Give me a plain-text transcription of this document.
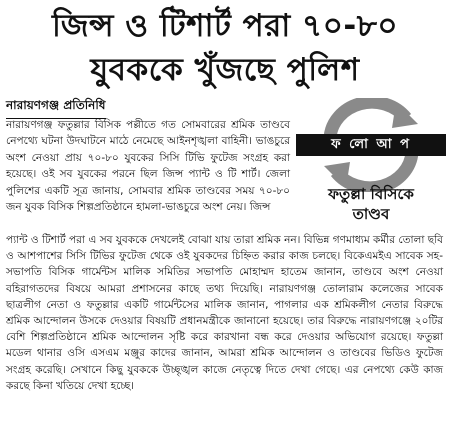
জিন্স ও টিশার্ট পরা ৭০-৮০
যুবককে খুঁজছে পুলিশ
নারায়ণগঞ্জ প্রতিনিধি

নারায়ণগঞ্জ ফতুল্লার বিসিক পল্লীতে গত সোমবারের শ্রমিক তাণ্ডবে নেপথ্যে ঘটনা উদঘাটনে মাঠে নেমেছে আইনশৃঙ্খলা বাহিনী। ভাঙচুরে অংশ নেওয়া প্রায় ৭০-৮০ যুবকের সিসি টিভি ফুটেজ সংগ্রহ করা হয়েছে। ওই সব যুবকের পরনে ছিল জিন্স প্যান্ট ও টি শার্ট। জেলা পুলিশের একটি সূত্র জানায়, সোমবার শ্রমিক তাণ্ডবের সময় ৭০-৮০ জন যুবক বিসিক শিল্পপ্রতিষ্ঠানে হামলা-ভাঙচুরে অংশ নেয়। জিন্স

ফ লো আ প
ফতুল্লা বিসিকে
তাণ্ডব

প্যান্ট ও টিশার্ট পরা এ সব যুবককে দেখলেই বোঝা যায় তারা শ্রমিক নন। বিভিন্ন গণমাধ্যম কর্মীর তোলা ছবি ও আশপাশের সিসি টিভির ফুটেজ থেকে ওই যুবকদের চিহ্নিত করার কাজ চলছে। বিকেএমইএ সাবেক সহ-সভাপতি বিসিক গার্মেন্টস মালিক সমিতির সভাপতি মোহাম্মদ হাতেম জানান, তাণ্ডবে অংশ নেওয়া বহিরাগতদের বিষয়ে আমরা প্রশাসনের কাছে তথ্য দিয়েছি। নারায়ণগঞ্জ তোলারাম কলেজের সাবেক ছাত্রলীগ নেতা ও ফতুল্লার একটি গার্মেন্টসের মালিক জানান, পাগলার এক শ্রমিকলীগ নেতার বিরুদ্ধে শ্রমিক আন্দোলন উসকে দেওয়ার বিষয়টি প্রধানমন্ত্রীকে জানানো হয়েছে। তার বিরুদ্ধে নারায়ণগঞ্জে ২০টির বেশি শিল্পপ্রতিষ্ঠানে শ্রমিক আন্দোলন সৃষ্টি করে কারখানা বন্ধ করে দেওয়ার অভিযোগ রয়েছে। ফতুল্লা মডেল থানার ওসি এসএম মঞ্জুর কাদের জানান, আমরা শ্রমিক আন্দোলন ও তাণ্ডবের ভিডিও ফুটেজ সংগ্রহ করেছি। সেখানে কিছু যুবককে উচ্ছৃঙ্খল কাজে নেতৃত্বে দিতে দেখা গেছে। এর নেপথ্যে কেউ কাজ করছে কিনা খতিয়ে দেখা হচ্ছে।
